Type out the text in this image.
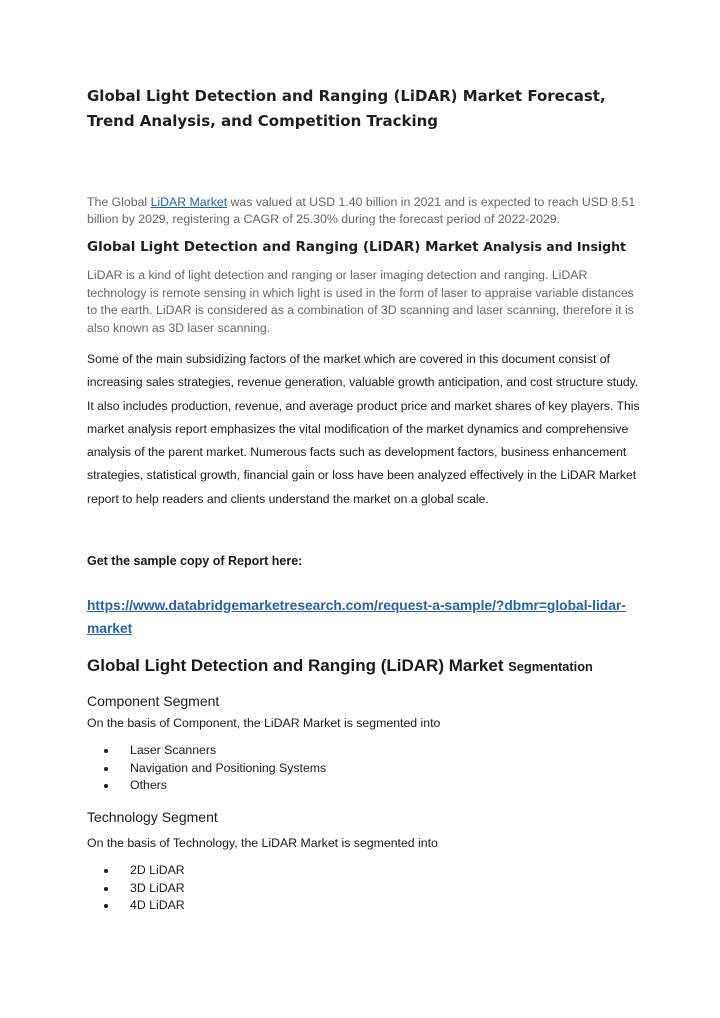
Global Light Detection and Ranging (LiDAR) Market Forecast, Trend Analysis, and Competition Tracking

The Global LiDAR Market was valued at USD 1.40 billion in 2021 and is expected to reach USD 8.51 billion by 2029, registering a CAGR of 25.30% during the forecast period of 2022-2029.

Global Light Detection and Ranging (LiDAR) Market Analysis and Insight

LiDAR is a kind of light detection and ranging or laser imaging detection and ranging. LiDAR technology is remote sensing in which light is used in the form of laser to appraise variable distances to the earth. LiDAR is considered as a combination of 3D scanning and laser scanning, therefore it is also known as 3D laser scanning.

Some of the main subsidizing factors of the market which are covered in this document consist of increasing sales strategies, revenue generation, valuable growth anticipation, and cost structure study. It also includes production, revenue, and average product price and market shares of key players. This market analysis report emphasizes the vital modification of the market dynamics and comprehensive analysis of the parent market. Numerous facts such as development factors, business enhancement strategies, statistical growth, financial gain or loss have been analyzed effectively in the LiDAR Market report to help readers and clients understand the market on a global scale.

Get the sample copy of Report here:

https://www.databridgemarketresearch.com/request-a-sample/?dbmr=global-lidar-market

Global Light Detection and Ranging (LiDAR) Market Segmentation
Component Segment
On the basis of Component, the LiDAR Market is segmented into
Laser Scanners
Navigation and Positioning Systems
Others
Technology Segment
On the basis of Technology, the LiDAR Market is segmented into
2D LiDAR
3D LiDAR
4D LiDAR
